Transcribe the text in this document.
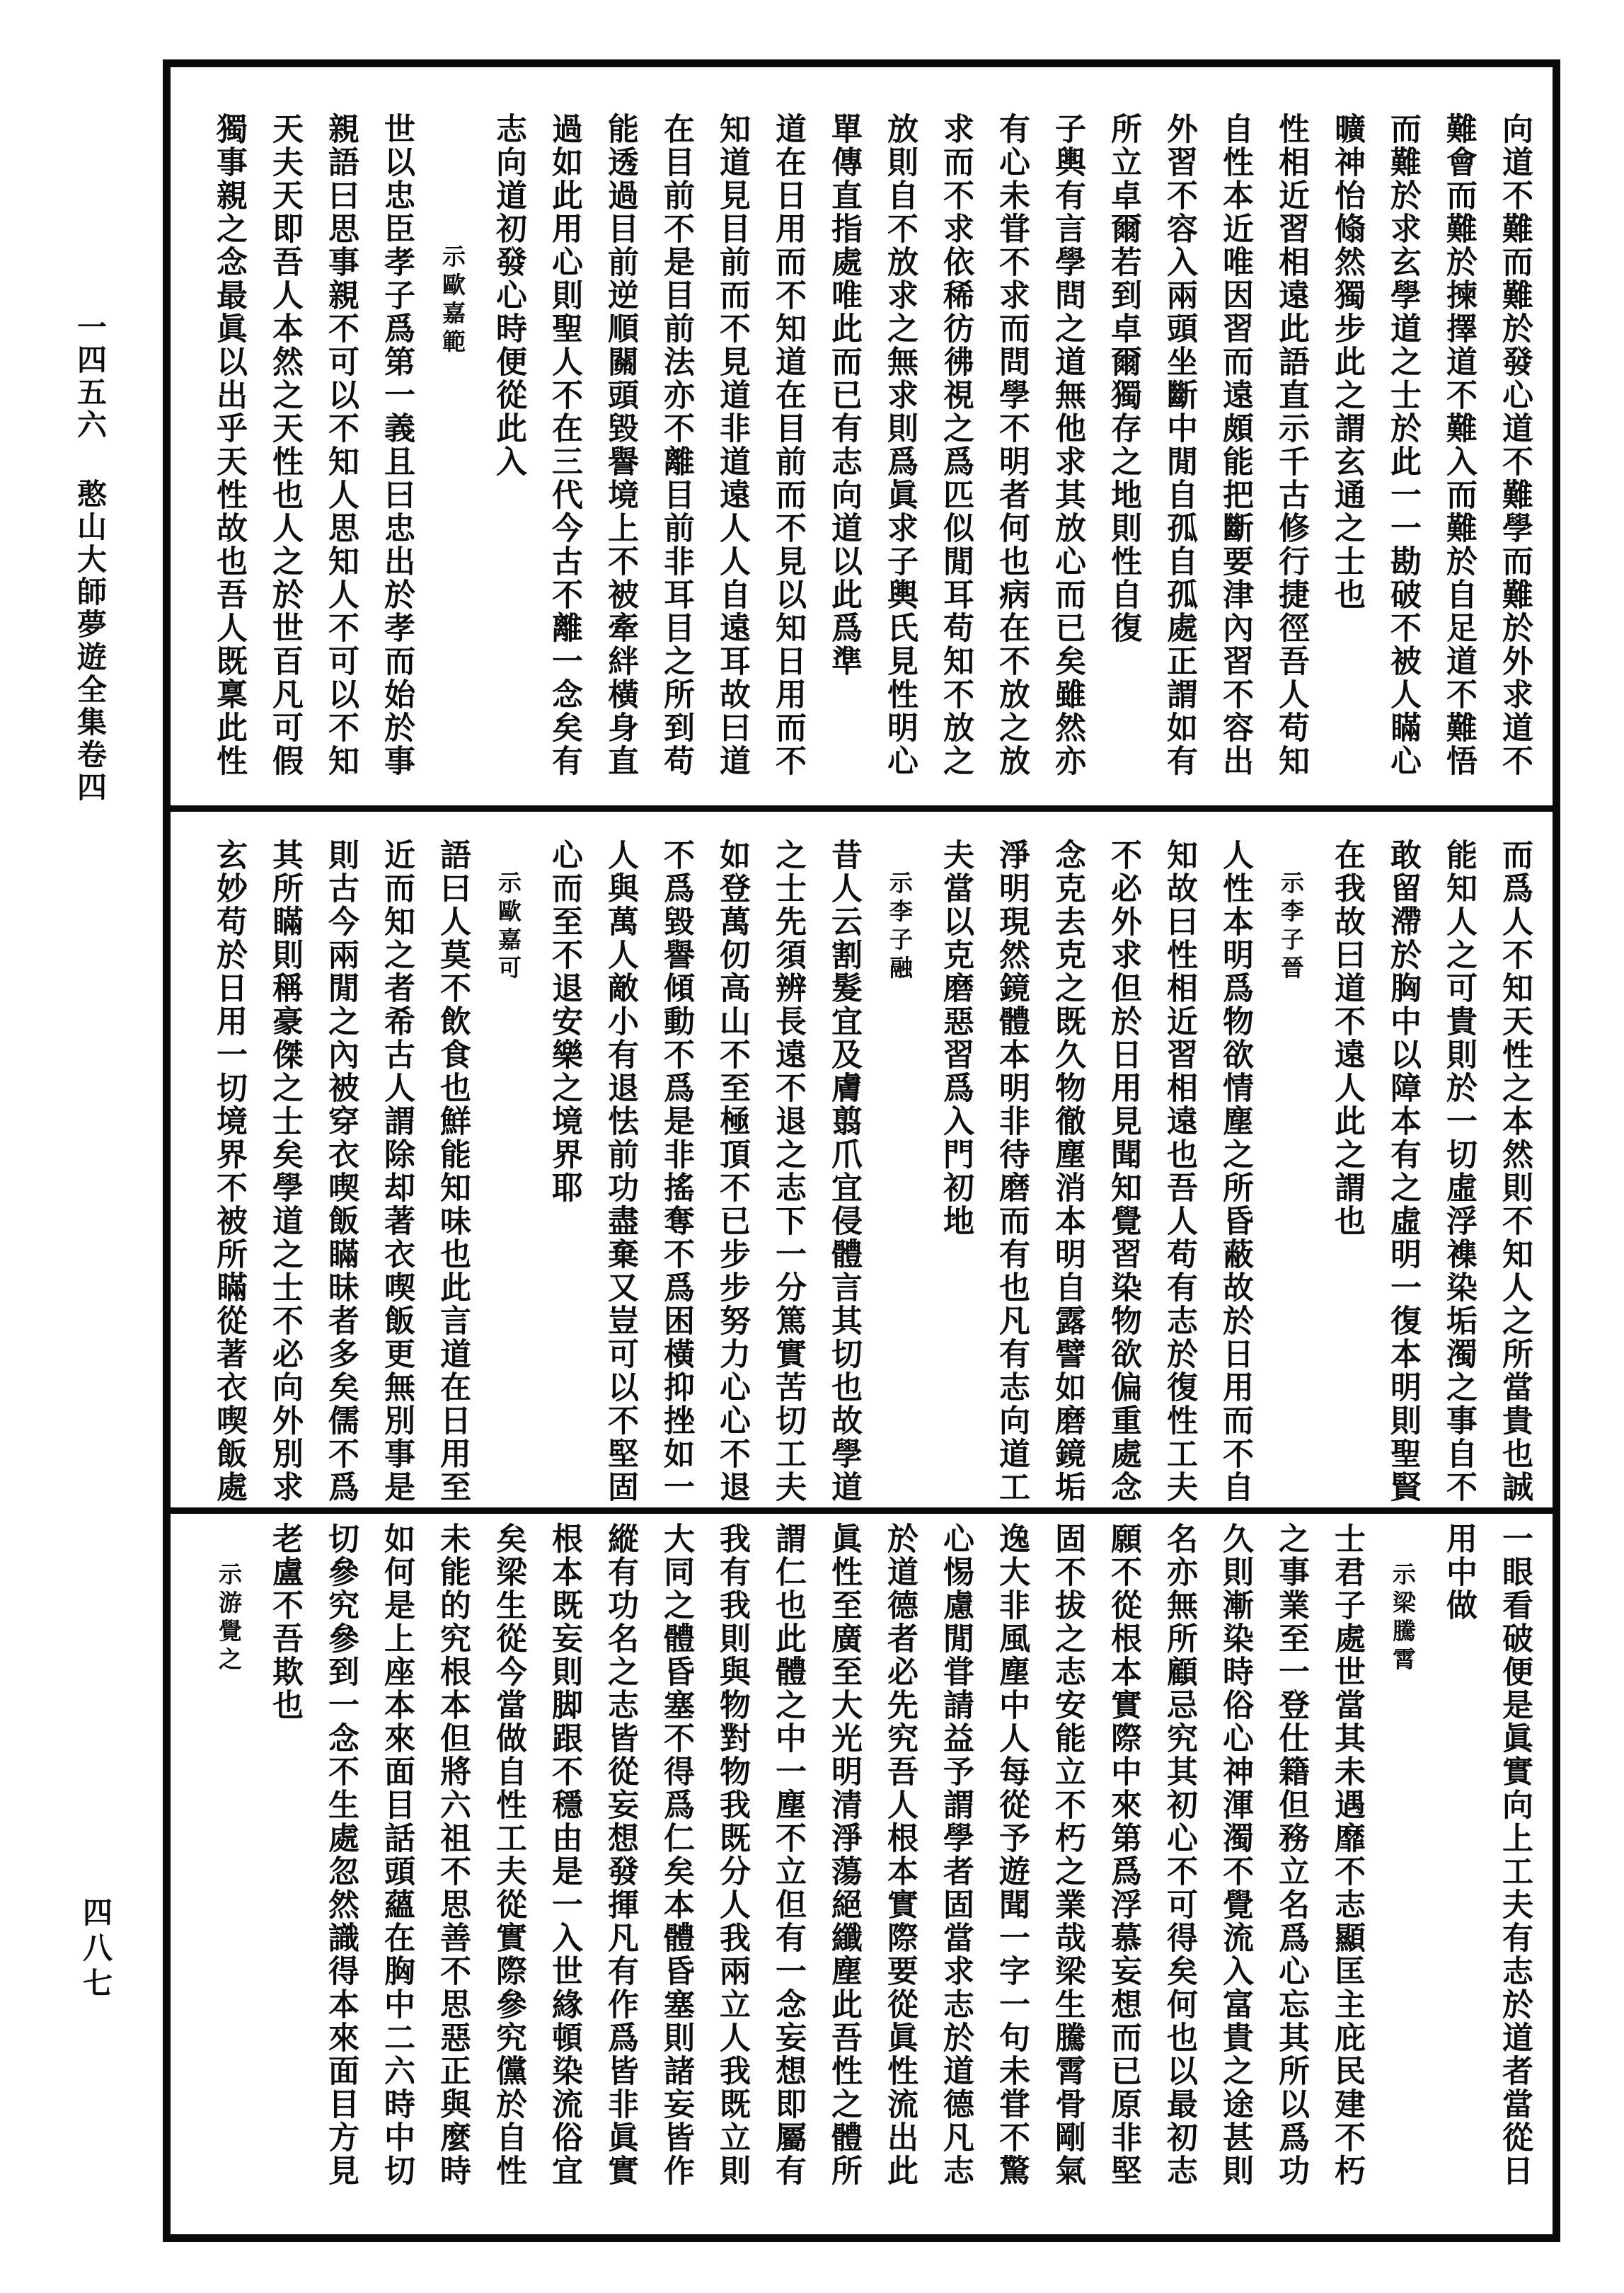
一四五六憨山大師夢遊全集卷四
四八七
向道不難而難於發心道不難學而難於外求道不
難會而難於揀擇道不難入而難於自足道不難悟
而難於求玄學道之士於此一一勘破不被人瞞心
曠神怡翛然獨步此之謂玄通之士也
性相近習相遠此語直示千古修行捷徑吾人苟知
自性本近唯因習而遠頗能把斷要津內習不容出
外習不容入兩頭坐斷中閒自孤自孤處正謂如有
所立卓爾若到卓爾獨存之地則性自復
子輿有言學問之道無他求其放心而已矣雖然亦
有心未甞不求而問學不明者何也病在不放之放
求而不求依稀彷彿視之爲匹似閒耳苟知不放之
放則自不放求之無求則爲眞求子輿氏見性明心
單傳直指處唯此而已有志向道以此爲準
道在日用而不知道在目前而不見以知日用而不
知道見目前而不見道非道遠人人自遠耳故曰道
在目前不是目前法亦不離目前非耳目之所到苟
能透過目前逆順關頭毀譽境上不被牽絆橫身直
過如此用心則聖人不在三代今古不離一念矣有
志向道初發心時便從此入
示歐嘉範
世以忠臣孝子爲第一義且曰忠出於孝而始於事
親語曰思事親不可以不知人思知人不可以不知
天夫天即吾人本然之天性也人之於世百凡可假
獨事親之念最眞以出乎天性故也吾人既稟此性
而爲人不知天性之本然則不知人之所當貴也誠
能知人之可貴則於一切虛浮襍染垢濁之事自不
敢留滯於胸中以障本有之虛明一復本明則聖賢
在我故曰道不遠人此之謂也
示李子晉
人性本明爲物欲情塵之所昏蔽故於日用而不自
知故曰性相近習相遠也吾人苟有志於復性工夫
不必外求但於日用見聞知覺習染物欲偏重處念
念克去克之既久物徹塵消本明自露譬如磨鏡垢
淨明現然鏡體本明非待磨而有也凡有志向道工
夫當以克磨惡習爲入門初地
示李子融
昔人云割髮宜及膚翦爪宜侵體言其切也故學道
之士先須辨長遠不退之志下一分篤實苦切工夫
如登萬仞高山不至極頂不已步步努力心心不退
不爲毀譽傾動不爲是非搖奪不爲困橫抑挫如一
人與萬人敵小有退怯前功盡棄又豈可以不堅固
心而至不退安樂之境界耶
示歐嘉可
語曰人莫不飲食也鮮能知味也此言道在日用至
近而知之者希古人謂除却著衣喫飯更無別事是
則古今兩閒之內被穿衣喫飯瞞昧者多矣儒不爲
其所瞞則稱豪傑之士矣學道之士不必向外別求
玄妙苟於日用一切境界不被所瞞從著衣喫飯處
一眼看破便是眞實向上工夫有志於道者當從日
用中做
示梁騰霄
士君子處世當其未遇靡不志顯匡主庇民建不朽
之事業至一登仕籍但務立名爲心忘其所以爲功
久則漸染時俗心神渾濁不覺流入富貴之途甚則
名亦無所顧忌究其初心不可得矣何也以最初志
願不從根本實際中來第爲浮慕妄想而已原非堅
固不拔之志安能立不朽之業哉梁生騰霄骨剛氣
逸大非風塵中人每從予遊聞一字一句未甞不驚
心惕慮閒甞請益予謂學者固當求志於道德凡志
於道德者必先究吾人根本實際要從眞性流出此
眞性至廣至大光明清淨蕩絕纖塵此吾性之體所
謂仁也此體之中一塵不立但有一念妄想即屬有
我有我則與物對物我既分人我兩立人我既立則
大同之體昏塞不得爲仁矣本體昏塞則諸妄皆作
縱有功名之志皆從妄想發揮凡有作爲皆非眞實
根本既妄則脚跟不穩由是一入世緣頓染流俗宜
矣梁生從今當做自性工夫從實際參究儻於自性
未能的究根本但將六祖不思善不思惡正與麼時
如何是上座本來面目話頭蘊在胸中二六時中切
切參究參到一念不生處忽然識得本來面目方見
老盧不吾欺也
示游覺之
